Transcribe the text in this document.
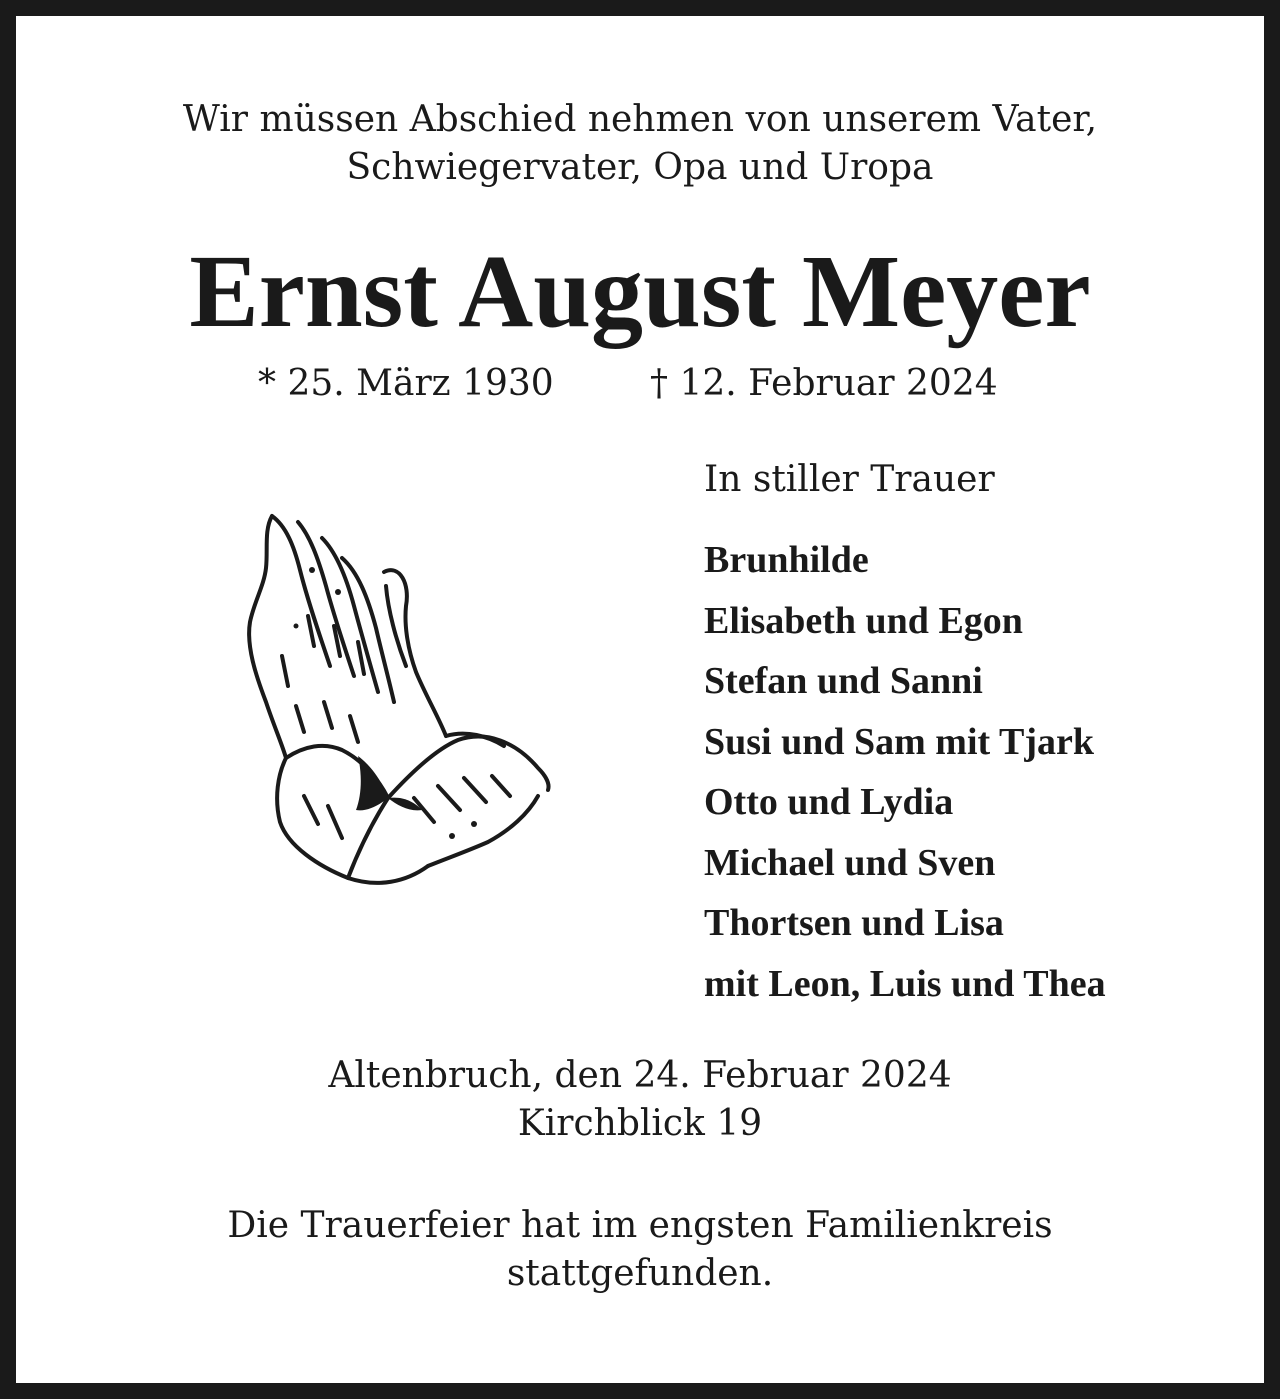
Wir müssen Abschied nehmen von unserem Vater,
Schwiegervater, Opa und Uropa
Ernst August Meyer
* 25. März 1930	† 12. Februar 2024
In stiller Trauer
Brunhilde
Elisabeth und Egon
Stefan und Sanni
Susi und Sam mit Tjark
Otto und Lydia
Michael und Sven
Thortsen und Lisa
mit Leon, Luis und Thea
Altenbruch, den 24. Februar 2024
Kirchblick 19
Die Trauerfeier hat im engsten Familienkreis
stattgefunden.
